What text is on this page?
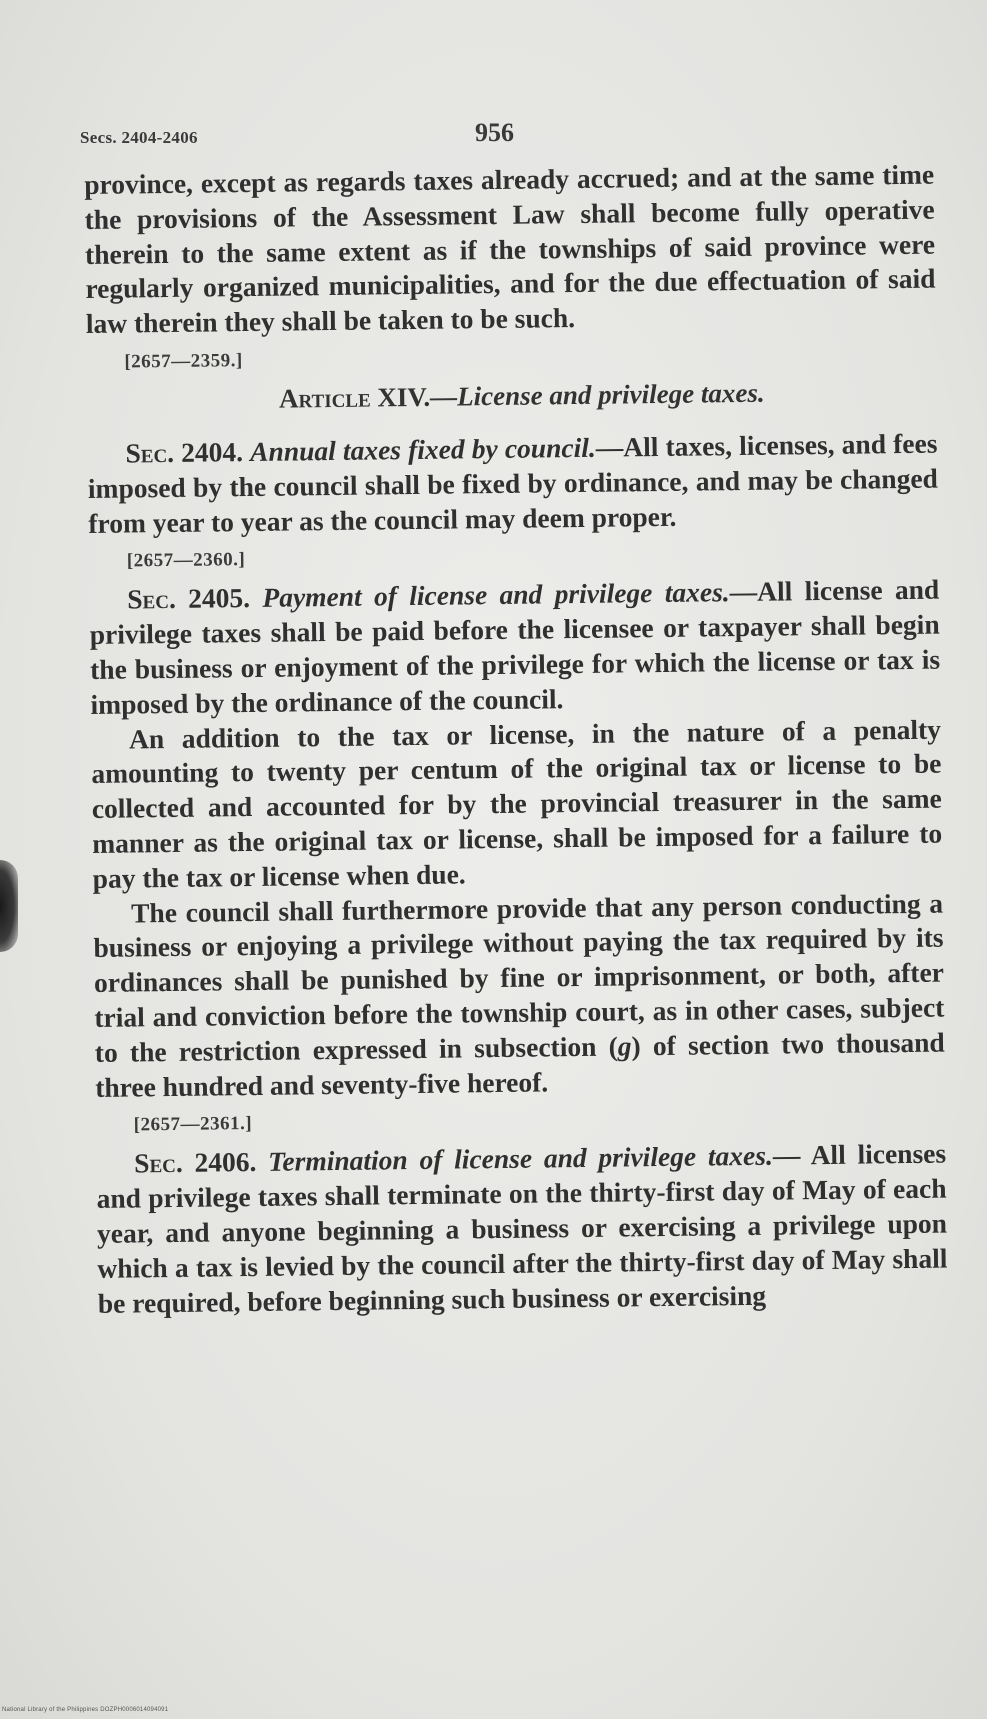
Secs. 2404-2406	956

province, except as regards taxes already accrued; and at the same time the provisions of the Assessment Law shall become fully operative therein to the same extent as if the townships of said province were regularly organized municipalities, and for the due effectuation of said law therein they shall be taken to be such.

[2657—2359.]
Article XIV.—License and privilege taxes.

Sec. 2404. Annual taxes fixed by council.—All taxes, licenses, and fees imposed by the council shall be fixed by ordinance, and may be changed from year to year as the council may deem proper.

[2657—2360.]

Sec. 2405. Payment of license and privilege taxes.—All license and privilege taxes shall be paid before the licensee or taxpayer shall begin the business or enjoyment of the privilege for which the license or tax is imposed by the ordinance of the council.

An addition to the tax or license, in the nature of a penalty amounting to twenty per centum of the original tax or license to be collected and accounted for by the provincial treasurer in the same manner as the original tax or license, shall be imposed for a failure to pay the tax or license when due.

The council shall furthermore provide that any person conducting a business or enjoying a privilege without paying the tax required by its ordinances shall be punished by fine or imprisonment, or both, after trial and conviction before the township court, as in other cases, subject to the restriction expressed in subsection (g) of section two thousand three hundred and seventy-five hereof.

[2657—2361.]

Sec. 2406. Termination of license and privilege taxes.— All licenses and privilege taxes shall terminate on the thirty-first day of May of each year, and anyone beginning a business or exercising a privilege upon which a tax is levied by the council after the thirty-first day of May shall be required, before beginning such business or exercising

National Library of the Philippines DOZPH0006014094091
